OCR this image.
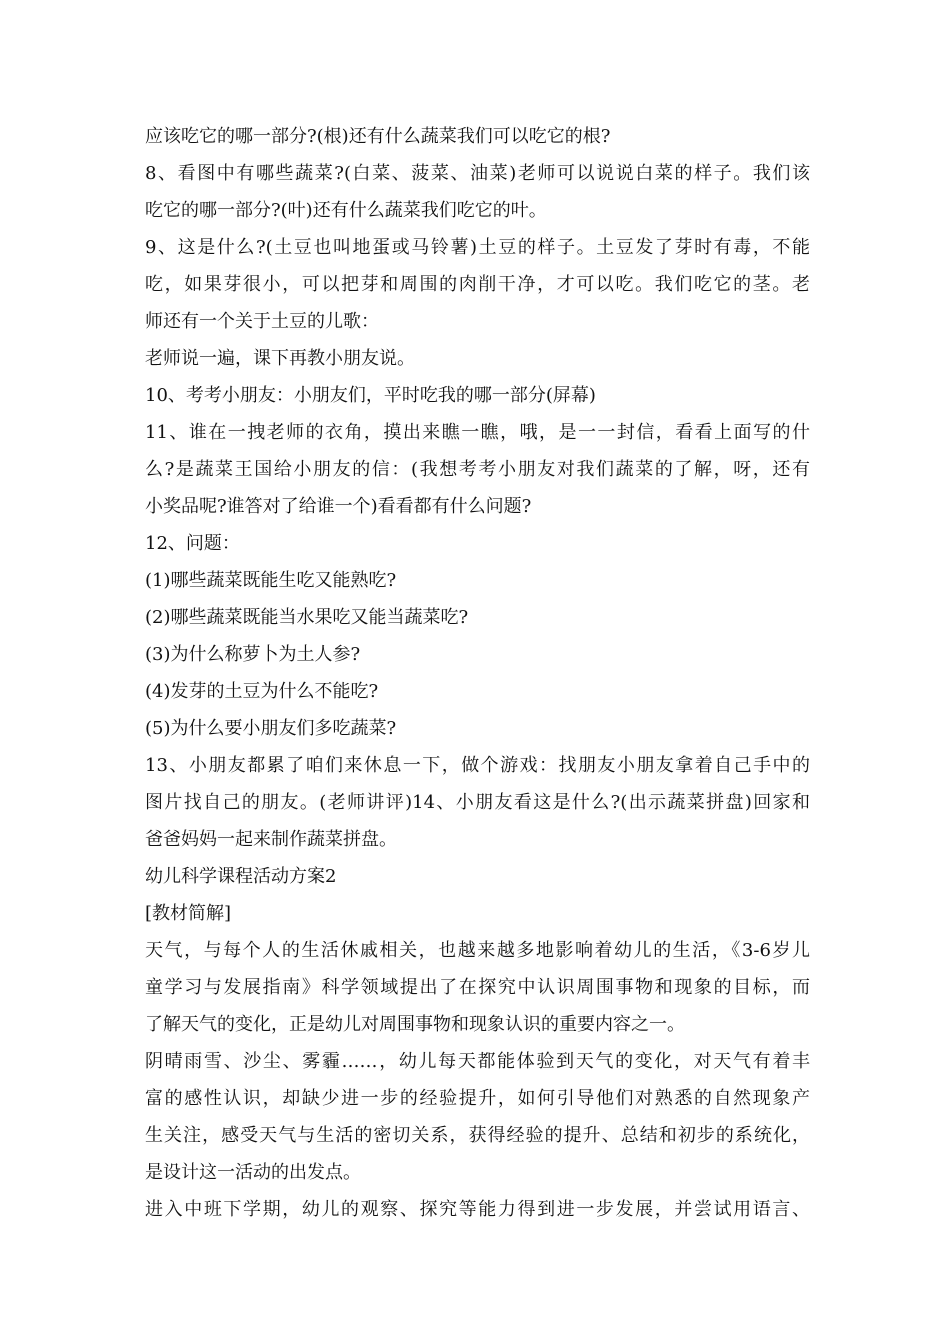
应该吃它的哪一部分?(根)还有什么蔬菜我们可以吃它的根?

8、看图中有哪些蔬菜?(白菜、菠菜、油菜)老师可以说说白菜的样子。我们该

吃它的哪一部分?(叶)还有什么蔬菜我们吃它的叶。

9、这是什么?(土豆也叫地蛋或马铃薯)土豆的样子。土豆发了芽时有毒，不能

吃，如果芽很小，可以把芽和周围的肉削干净，才可以吃。我们吃它的茎。老

师还有一个关于土豆的儿歌：

老师说一遍，课下再教小朋友说。

10、考考小朋友：小朋友们，平时吃我的哪一部分(屏幕)

11、谁在一拽老师的衣角，摸出来瞧一瞧，哦，是一一封信，看看上面写的什

么?是蔬菜王国给小朋友的信：(我想考考小朋友对我们蔬菜的了解，呀，还有

小奖品呢?谁答对了给谁一个)看看都有什么问题?

12、问题：

(1)哪些蔬菜既能生吃又能熟吃?

(2)哪些蔬菜既能当水果吃又能当蔬菜吃?

(3)为什么称萝卜为土人参?

(4)发芽的土豆为什么不能吃?

(5)为什么要小朋友们多吃蔬菜?

13、小朋友都累了咱们来休息一下，做个游戏：找朋友小朋友拿着自己手中的

图片找自己的朋友。(老师讲评)14、小朋友看这是什么?(出示蔬菜拼盘)回家和

爸爸妈妈一起来制作蔬菜拼盘。

幼儿科学课程活动方案2

[教材简解]

天气，与每个人的生活休戚相关，也越来越多地影响着幼儿的生活，《3-6岁儿

童学习与发展指南》科学领域提出了在探究中认识周围事物和现象的目标，而

了解天气的变化，正是幼儿对周围事物和现象认识的重要内容之一。

阴晴雨雪、沙尘、雾霾……，幼儿每天都能体验到天气的变化，对天气有着丰

富的感性认识，却缺少进一步的经验提升，如何引导他们对熟悉的自然现象产

生关注，感受天气与生活的密切关系，获得经验的提升、总结和初步的系统化，

是设计这一活动的出发点。

进入中班下学期，幼儿的观察、探究等能力得到进一步发展，并尝试用语言、
